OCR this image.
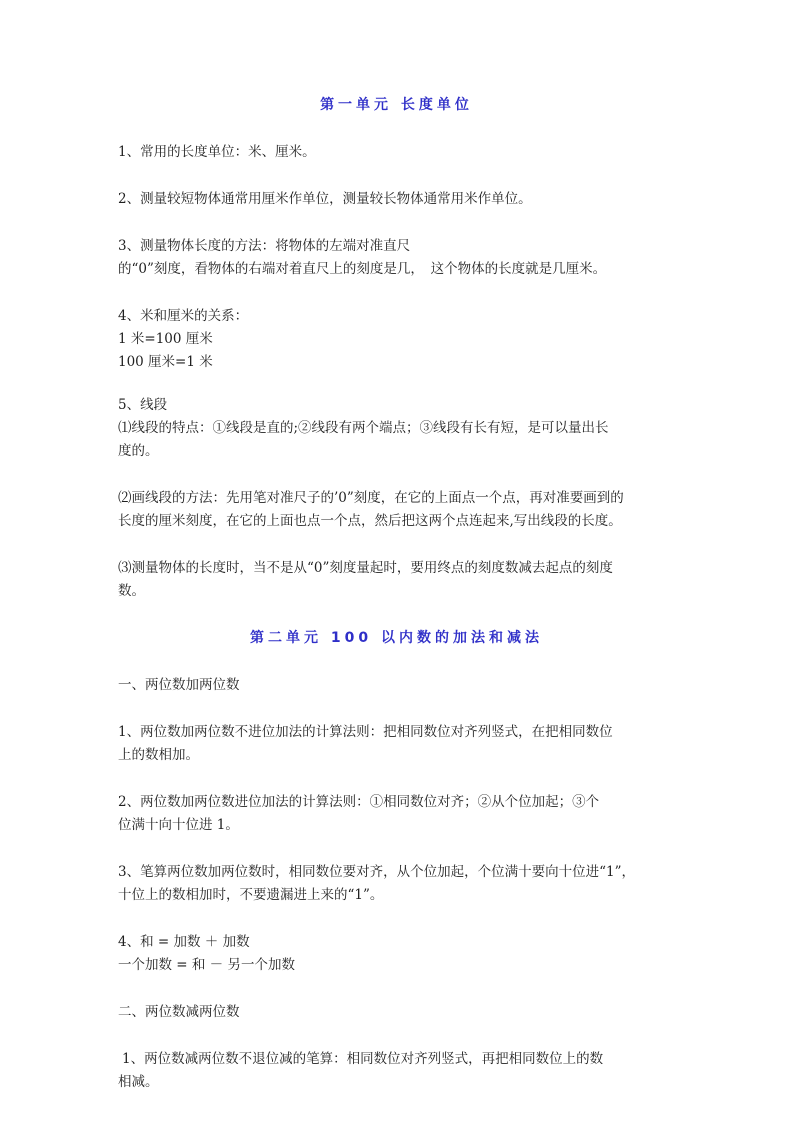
第一单元 长度单位

1、常用的长度单位：米、厘米。

2、测量较短物体通常用厘米作单位，测量较长物体通常用米作单位。

3、测量物体长度的方法：将物体的左端对准直尺

的“0”刻度，看物体的右端对着直尺上的刻度是几，　这个物体的长度就是几厘米。

4、米和厘米的关系：

1 米=100 厘米

100 厘米=1 米

5、线段

⑴线段的特点：①线段是直的;②线段有两个端点；③线段有长有短，是可以量出长

度的。

⑵画线段的方法：先用笔对准尺子的’0”刻度，在它的上面点一个点，再对准要画到的

长度的厘米刻度，在它的上面也点一个点，然后把这两个点连起来,写出线段的长度。

⑶测量物体的长度时，当不是从“0”刻度量起时，要用终点的刻度数减去起点的刻度

数。

第二单元 100 以内数的加法和减法

一、两位数加两位数

1、两位数加两位数不进位加法的计算法则：把相同数位对齐列竖式，在把相同数位

上的数相加。

2、两位数加两位数进位加法的计算法则：①相同数位对齐；②从个位加起；③个

位满十向十位进 1。

3、笔算两位数加两位数时，相同数位要对齐，从个位加起，个位满十要向十位进“1”，

十位上的数相加时，不要遗漏进上来的“1”。

4、和 = 加数 ＋ 加数

一个加数 = 和 － 另一个加数

二、两位数减两位数

1、两位数减两位数不退位减的笔算：相同数位对齐列竖式，再把相同数位上的数

相减。
